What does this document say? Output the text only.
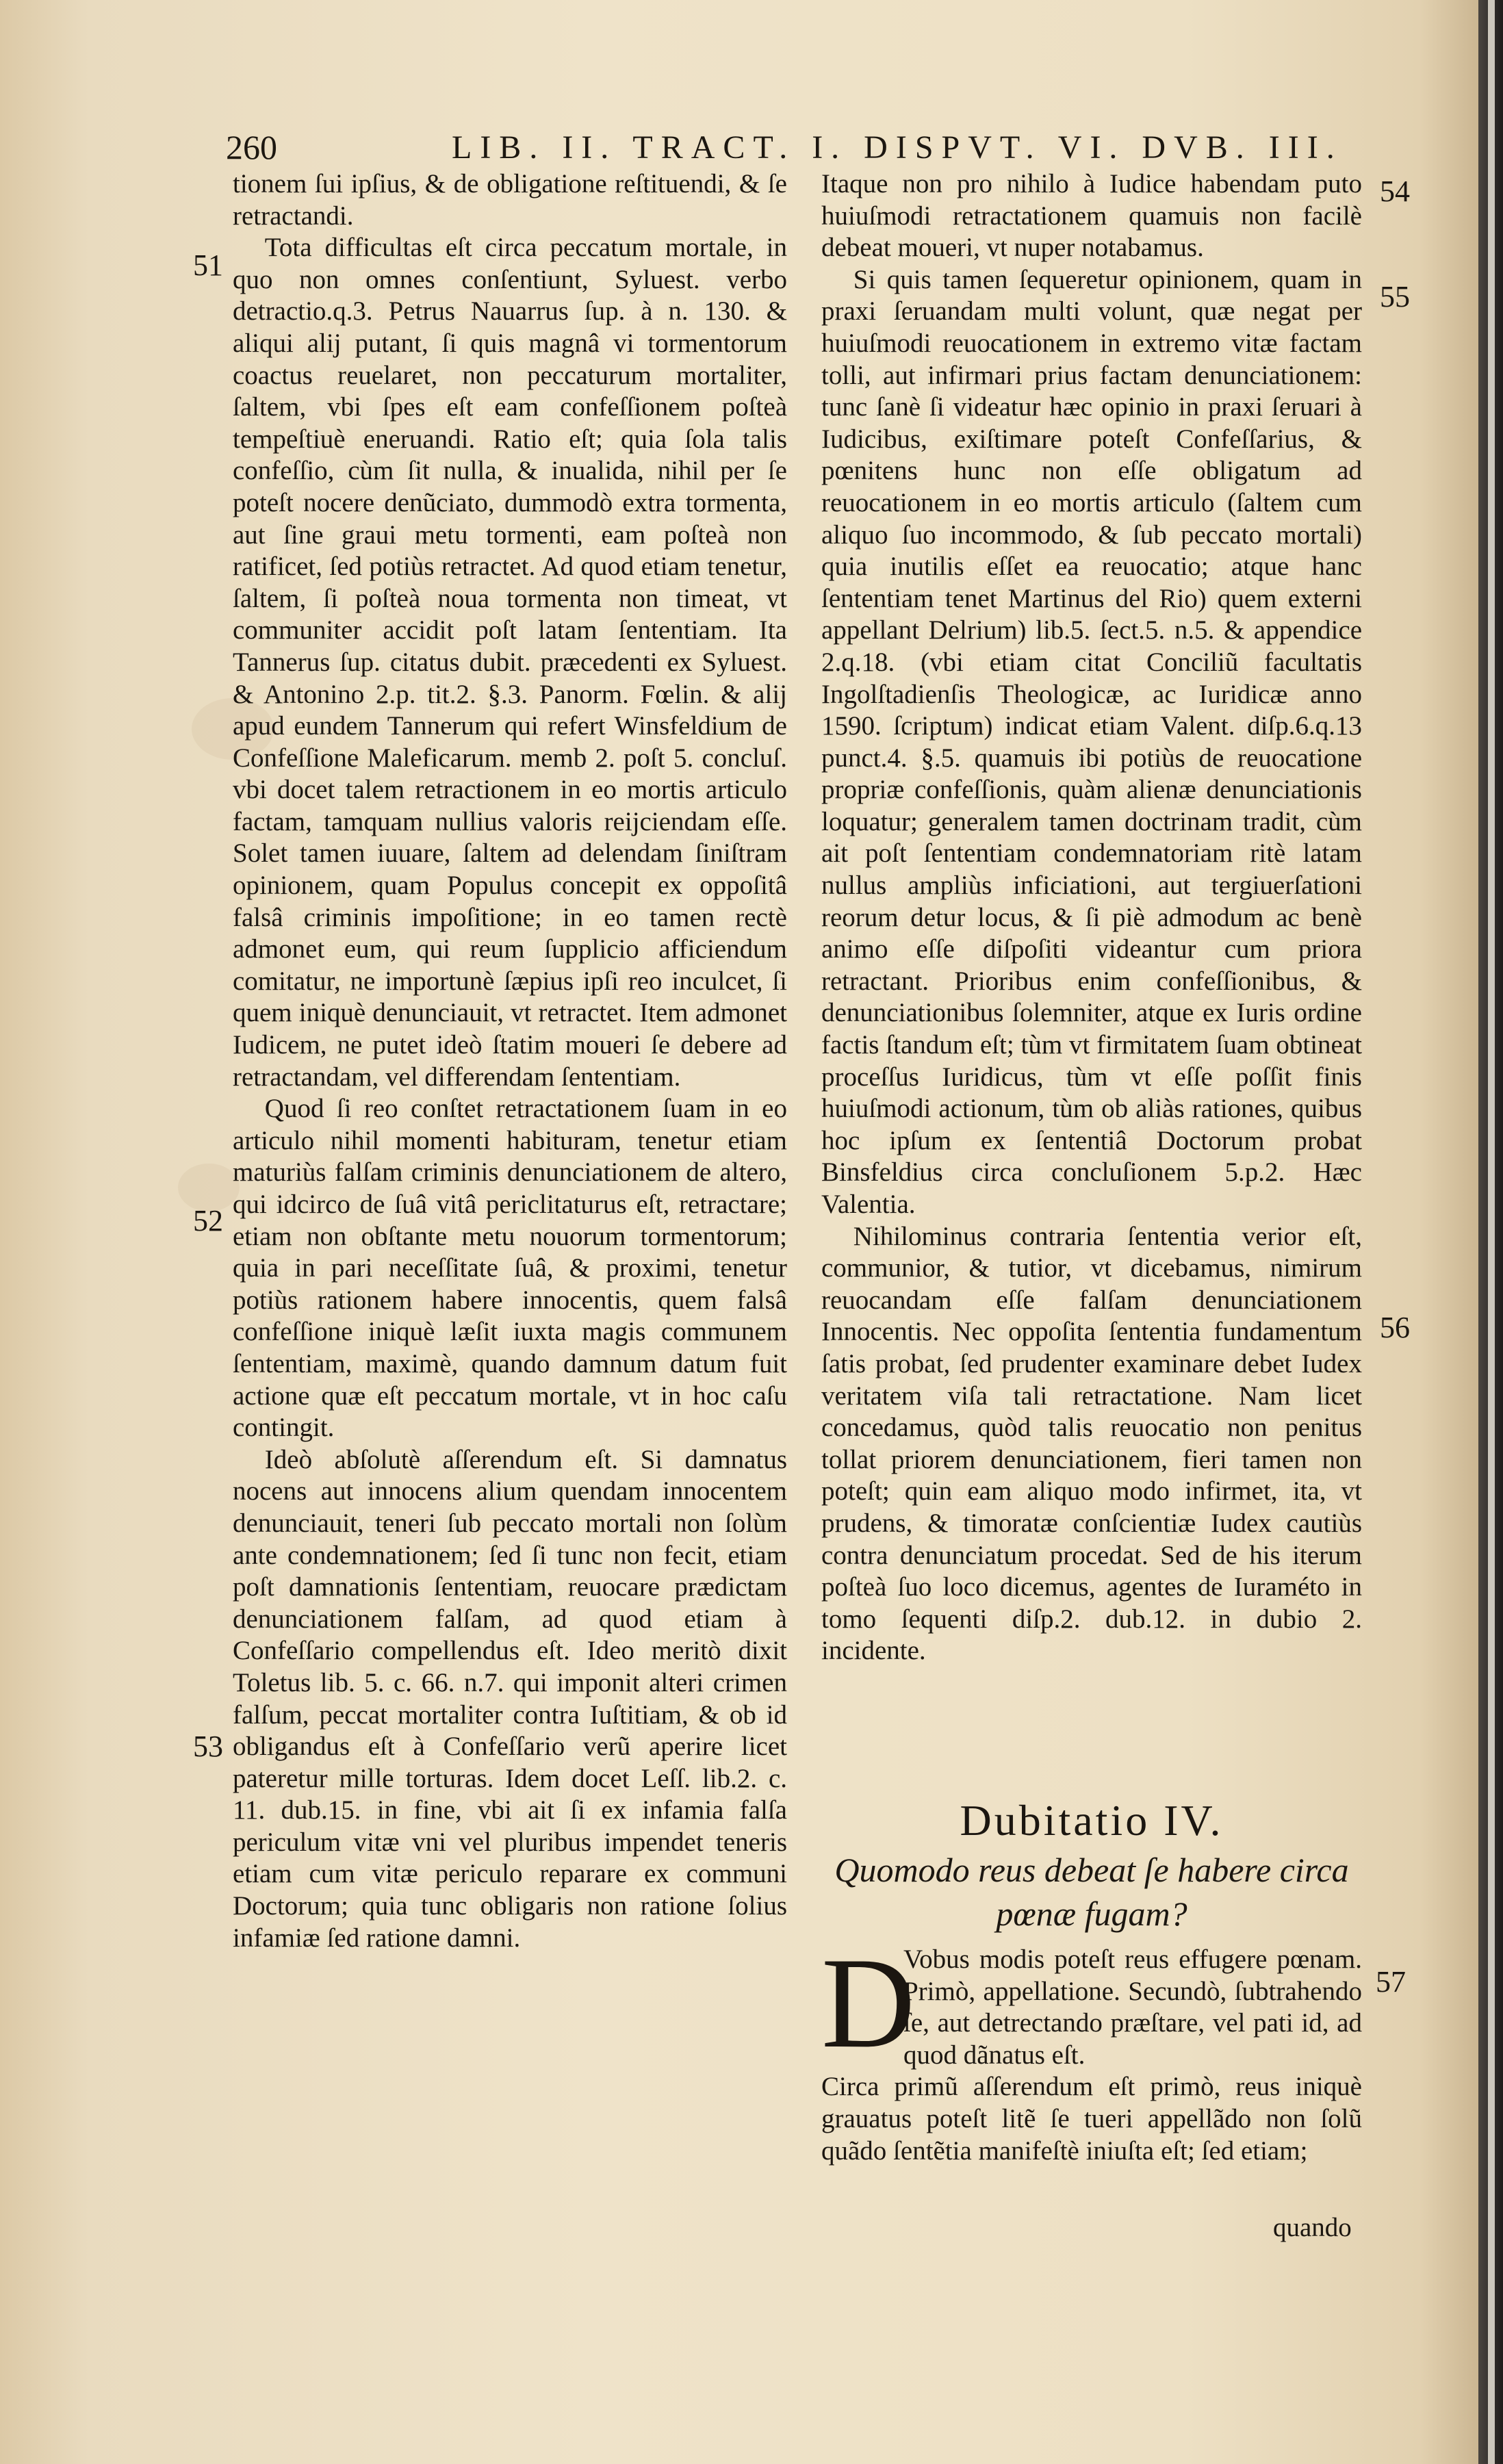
260	LIB. II. TRACT. I. DISPVT. VI. DVB. III.
51
52
53
54
55
56
57

tionem ſui ipſius, & de obligatione reſtituendi, & ſe retractandi.

Tota difficultas eſt circa peccatum mortale, in quo non omnes conſentiunt, Syluest. verbo detractio.q.3. Petrus Nauarrus ſup. à n. 130. & aliqui alij putant, ſi quis magnâ vi tormentorum coactus reuelaret, non peccaturum mortaliter, ſaltem, vbi ſpes eſt eam confeſſionem poſteà tempeſtiuè eneruandi. Ratio eſt; quia ſola talis confeſſio, cùm ſit nulla, & inualida, nihil per ſe poteſt nocere denũciato, dummodò extra tormenta, aut ſine graui metu tormenti, eam poſteà non ratificet, ſed potiùs retractet. Ad quod etiam tenetur, ſaltem, ſi poſteà noua tormenta non timeat, vt communiter accidit poſt latam ſententiam. Ita Tannerus ſup. citatus dubit. præcedenti ex Syluest. & Antonino 2.p. tit.2. §.3. Panorm. Fœlin. & alij apud eundem Tannerum qui refert Winsfeldium de Confeſſione Maleficarum. memb 2. poſt 5. concluſ. vbi docet talem retractionem in eo mortis articulo factam, tamquam nullius valoris reijciendam eſſe. Solet tamen iuuare, ſaltem ad delendam ſiniſtram opinionem, quam Populus concepit ex oppoſitâ falsâ criminis impoſitione; in eo tamen rectè admonet eum, qui reum ſupplicio afficiendum comitatur, ne importunè ſæpius ipſi reo inculcet, ſi quem iniquè denunciauit, vt retractet. Item admonet Iudicem, ne putet ideò ſtatim moueri ſe debere ad retractandam, vel differendam ſententiam.

Quod ſi reo conſtet retractationem ſuam in eo articulo nihil momenti habituram, tenetur etiam maturiùs falſam criminis denunciationem de altero, qui idcirco de ſuâ vitâ periclitaturus eſt, retractare; etiam non obſtante metu nouorum tormentorum; quia in pari neceſſitate ſuâ, & proximi, tenetur potiùs rationem habere innocentis, quem falsâ confeſſione iniquè læſit iuxta magis communem ſententiam, maximè, quando damnum datum fuit actione quæ eſt peccatum mortale, vt in hoc caſu contingit.

Ideò abſolutè aſſerendum eſt. Si damnatus nocens aut innocens alium quendam innocentem denunciauit, teneri ſub peccato mortali non ſolùm ante condemnationem; ſed ſi tunc non fecit, etiam poſt damnationis ſententiam, reuocare prædictam denunciationem falſam, ad quod etiam à Confeſſario compellendus eſt. Ideo meritò dixit Toletus lib. 5. c. 66. n.7. qui imponit alteri crimen falſum, peccat mortaliter contra Iuſtitiam, & ob id obligandus eſt à Confeſſario verũ aperire licet pateretur mille torturas. Idem docet Leſſ. lib.2. c. 11. dub.15. in fine, vbi ait ſi ex infamia falſa periculum vitæ vni vel pluribus impendet teneris etiam cum vitæ periculo reparare ex communi Doctorum; quia tunc obligaris non ratione ſolius infamiæ ſed ratione damni.

Itaque non pro nihilo à Iudice habendam puto huiuſmodi retractationem quamuis non facilè debeat moueri, vt nuper notabamus.

Si quis tamen ſequeretur opinionem, quam in praxi ſeruandam multi volunt, quæ negat per huiuſmodi reuocationem in extremo vitæ factam tolli, aut infirmari prius factam denunciationem: tunc ſanè ſi videatur hæc opinio in praxi ſeruari à Iudicibus, exiſtimare poteſt Confeſſarius, & pœnitens hunc non eſſe obligatum ad reuocationem in eo mortis articulo (ſaltem cum aliquo ſuo incommodo, & ſub peccato mortali) quia inutilis eſſet ea reuocatio; atque hanc ſententiam tenet Martinus del Rio) quem externi appellant Delrium) lib.5. ſect.5. n.5. & appendice 2.q.18. (vbi etiam citat Conciliũ facultatis Ingolſtadienſis Theologicæ, ac Iuridicæ anno 1590. ſcriptum) indicat etiam Valent. diſp.6.q.13 punct.4. §.5. quamuis ibi potiùs de reuocatione propriæ confeſſionis, quàm alienæ denunciationis loquatur; generalem tamen doctrinam tradit, cùm ait poſt ſententiam condemnatoriam ritè latam nullus ampliùs inficiationi, aut tergiuerſationi reorum detur locus, & ſi piè admodum ac benè animo eſſe diſpoſiti videantur cum priora retractant. Prioribus enim confeſſionibus, & denunciationibus ſolemniter, atque ex Iuris ordine factis ſtandum eſt; tùm vt firmitatem ſuam obtineat proceſſus Iuridicus, tùm vt eſſe poſſit finis huiuſmodi actionum, tùm ob aliàs rationes, quibus hoc ipſum ex ſententiâ Doctorum probat Binsfeldius circa concluſionem 5.p.2. Hæc Valentia.

Nihilominus contraria ſententia verior eſt, communior, & tutior, vt dicebamus, nimirum reuocandam eſſe falſam denunciationem Innocentis. Nec oppoſita ſententia fundamentum ſatis probat, ſed prudenter examinare debet Iudex veritatem viſa tali retractatione. Nam licet concedamus, quòd talis reuocatio non penitus tollat priorem denunciationem, fieri tamen non poteſt; quin eam aliquo modo infirmet, ita, vt prudens, & timoratæ conſcientiæ Iudex cautiùs contra denunciatum procedat. Sed de his iterum poſteà ſuo loco dicemus, agentes de Iuraméto in tomo ſequenti diſp.2. dub.12. in dubio 2. incidente.

Dubitatio IV.
Quomodo reus debeat ſe habere circa pœnæ fugam?
D
Vobus modis poteſt reus effugere pœnam. Primò, appellatione. Secundò, ſubtrahendo ſe, aut detrectando præſtare, vel pati id, ad quod dãnatus eſt.
Circa primũ aſſerendum eſt primò, reus iniquè grauatus poteſt litẽ ſe tueri appellãdo non ſolũ quãdo ſentẽtia manifeſtè iniuſta eſt; ſed etiam;
quando
